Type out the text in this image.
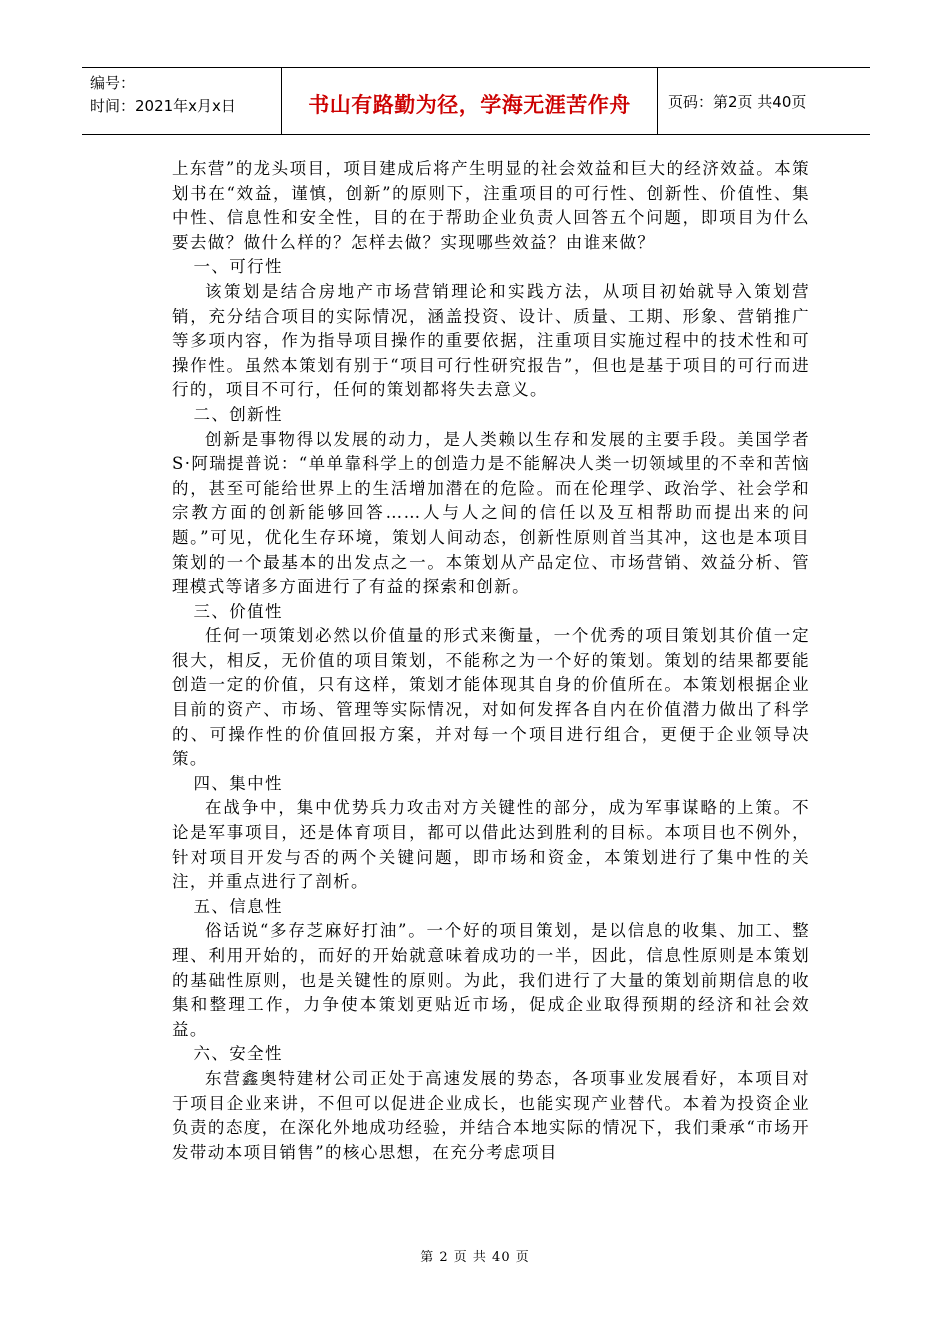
编号：
时间：2021年x月x日	书山有路勤为径，学海无涯苦作舟 页码：第2页 共40页

上东营”的龙头项目，项目建成后将产生明显的社会效益和巨大的经济效益。本策划书在“效益，谨慎，创新”的原则下，注重项目的可行性、创新性、价值性、集中性、信息性和安全性，目的在于帮助企业负责人回答五个问题，即项目为什么要去做？做什么样的？怎样去做？实现哪些效益？由谁来做？

一、可行性

该策划是结合房地产市场营销理论和实践方法，从项目初始就导入策划营销，充分结合项目的实际情况，涵盖投资、设计、质量、工期、形象、营销推广等多项内容，作为指导项目操作的重要依据，注重项目实施过程中的技术性和可操作性。虽然本策划有别于“项目可行性研究报告”，但也是基于项目的可行而进行的，项目不可行，任何的策划都将失去意义。

二、创新性

创新是事物得以发展的动力，是人类赖以生存和发展的主要手段。美国学者S·阿瑞提普说：“单单靠科学上的创造力是不能解决人类一切领域里的不幸和苦恼的，甚至可能给世界上的生活增加潜在的危险。而在伦理学、政治学、社会学和宗教方面的创新能够回答……人与人之间的信任以及互相帮助而提出来的问题。”可见，优化生存环境，策划人间动态，创新性原则首当其冲，这也是本项目策划的一个最基本的出发点之一。本策划从产品定位、市场营销、效益分析、管理模式等诸多方面进行了有益的探索和创新。

三、价值性

任何一项策划必然以价值量的形式来衡量，一个优秀的项目策划其价值一定很大，相反，无价值的项目策划，不能称之为一个好的策划。策划的结果都要能创造一定的价值，只有这样，策划才能体现其自身的价值所在。本策划根据企业目前的资产、市场、管理等实际情况，对如何发挥各自内在价值潜力做出了科学的、可操作性的价值回报方案，并对每一个项目进行组合，更便于企业领导决策。

四、集中性

在战争中，集中优势兵力攻击对方关键性的部分，成为军事谋略的上策。不论是军事项目，还是体育项目，都可以借此达到胜利的目标。本项目也不例外，针对项目开发与否的两个关键问题，即市场和资金，本策划进行了集中性的关注，并重点进行了剖析。

五、信息性

俗话说“多存芝麻好打油”。一个好的项目策划，是以信息的收集、加工、整理、利用开始的，而好的开始就意味着成功的一半，因此，信息性原则是本策划的基础性原则，也是关键性的原则。为此，我们进行了大量的策划前期信息的收集和整理工作，力争使本策划更贴近市场，促成企业取得预期的经济和社会效益。

六、安全性

东营鑫奥特建材公司正处于高速发展的势态，各项事业发展看好，本项目对于项目企业来讲，不但可以促进企业成长，也能实现产业替代。本着为投资企业负责的态度，在深化外地成功经验，并结合本地实际的情况下，我们秉承“市场开发带动本项目销售”的核心思想，在充分考虑项目

第 2 页 共 40 页
